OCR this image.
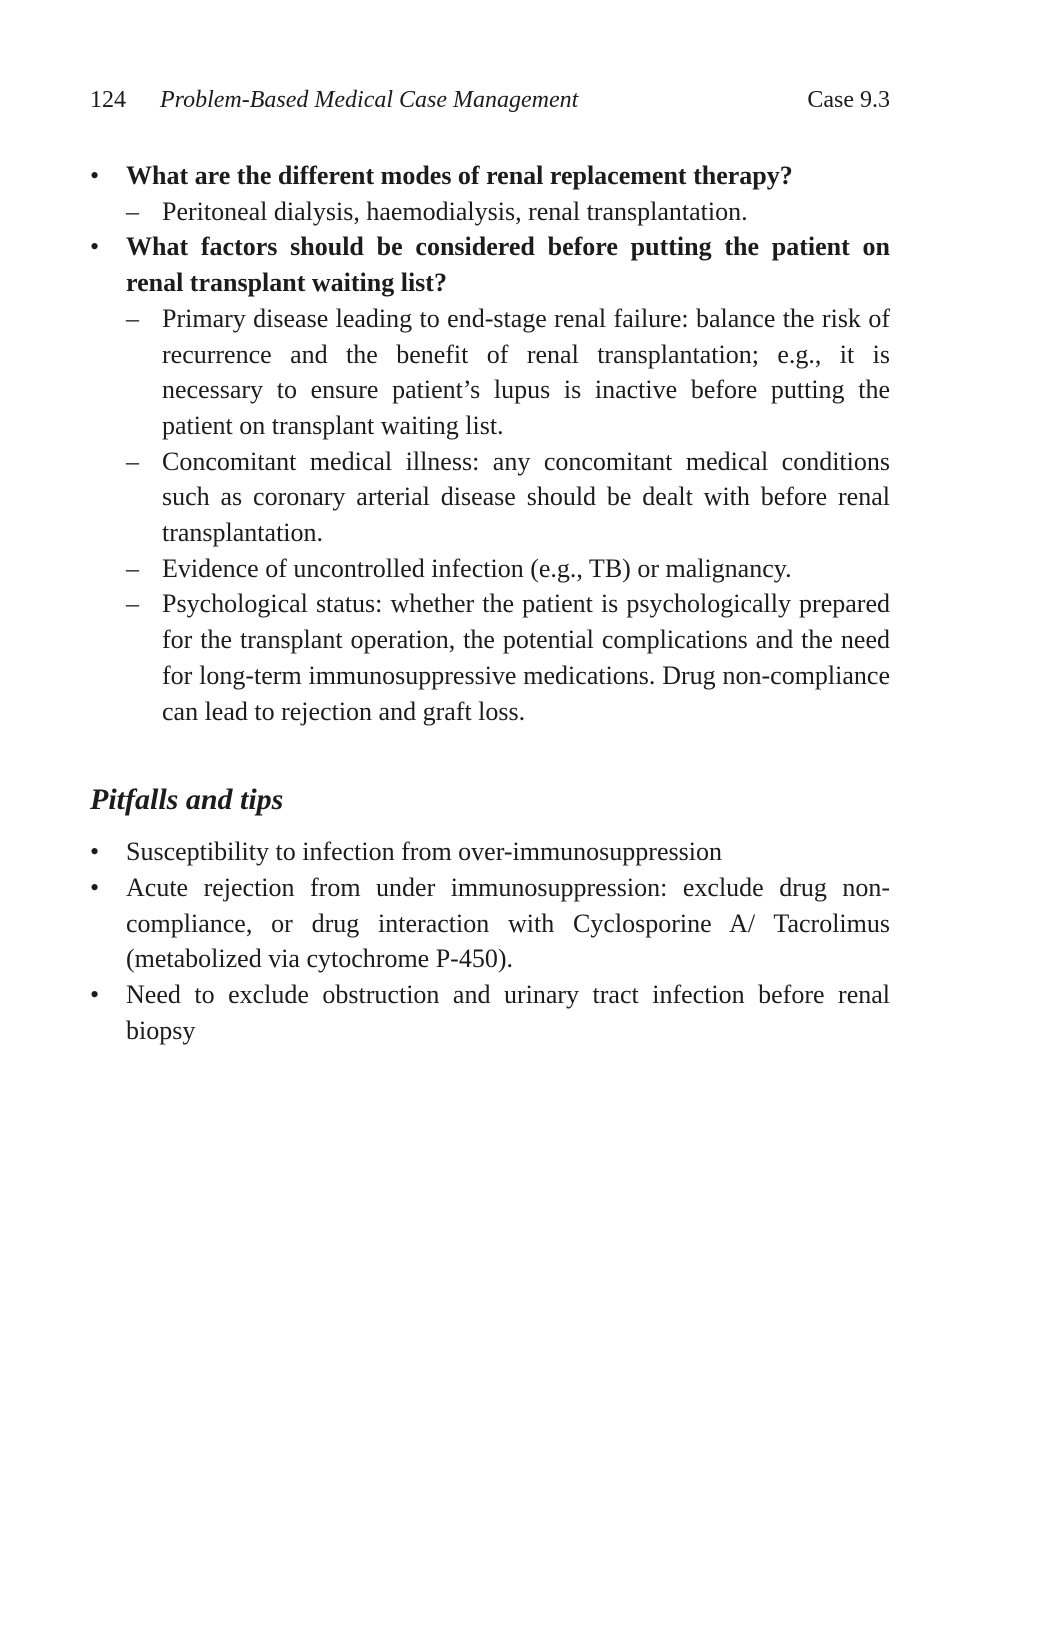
124 Problem-Based Medical Case Management	Case 9.3
• What are the different modes of renal replacement therapy?
– Peritoneal dialysis, haemodialysis, renal transplantation.
• What factors should be considered before putting the patient on renal transplant waiting list?
– Primary disease leading to end-stage renal failure: balance the risk of recurrence and the benefit of renal transplantation; e.g., it is necessary to ensure patient’s lupus is inactive before putting the patient on transplant waiting list.
– Concomitant medical illness: any concomitant medical conditions such as coronary arterial disease should be dealt with before renal transplantation.
– Evidence of uncontrolled infection (e.g., TB) or malignancy.
– Psychological status: whether the patient is psychologically prepared for the transplant operation, the potential complications and the need for long-term immunosuppressive medications. Drug non-compliance can lead to rejection and graft loss.
Pitfalls and tips
• Susceptibility to infection from over-immunosuppression
• Acute rejection from under immunosuppression: exclude drug non-compliance, or drug interaction with Cyclosporine A/ Tacrolimus (metabolized via cytochrome P-450).
• Need to exclude obstruction and urinary tract infection before renal biopsy
